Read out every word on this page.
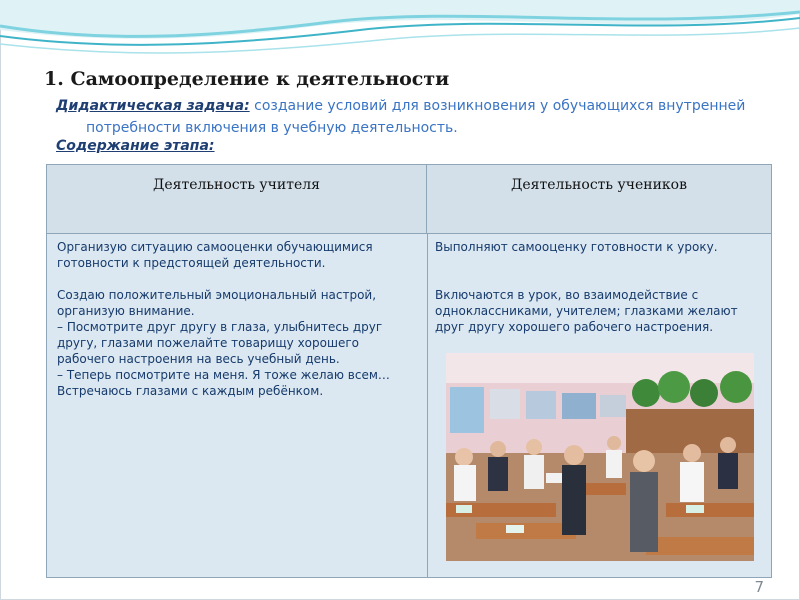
1. Самоопределение к деятельности
Дидактическая задача: создание условий для возникновения у обучающихся внутренней
потребности включения в учебную деятельность.
Содержание этапа:
Деятельность учителя	Деятельность учеников

Организую ситуацию самооценки обучающимися готовности к предстоящей деятельности.

Создаю положительный эмоциональный настрой, организую внимание.

– Посмотрите друг другу в глаза, улыбнитесь друг другу, глазами пожелайте товарищу хорошего рабочего настроения на весь учебный день.

– Теперь посмотрите на меня. Я тоже желаю всем…

Встречаюсь глазами с каждым ребёнком.

Выполняют самооценку готовности к уроку.

Включаются в урок, во взаимодействие с одноклассниками, учителем; глазками желают друг другу хорошего рабочего настроения.

7
